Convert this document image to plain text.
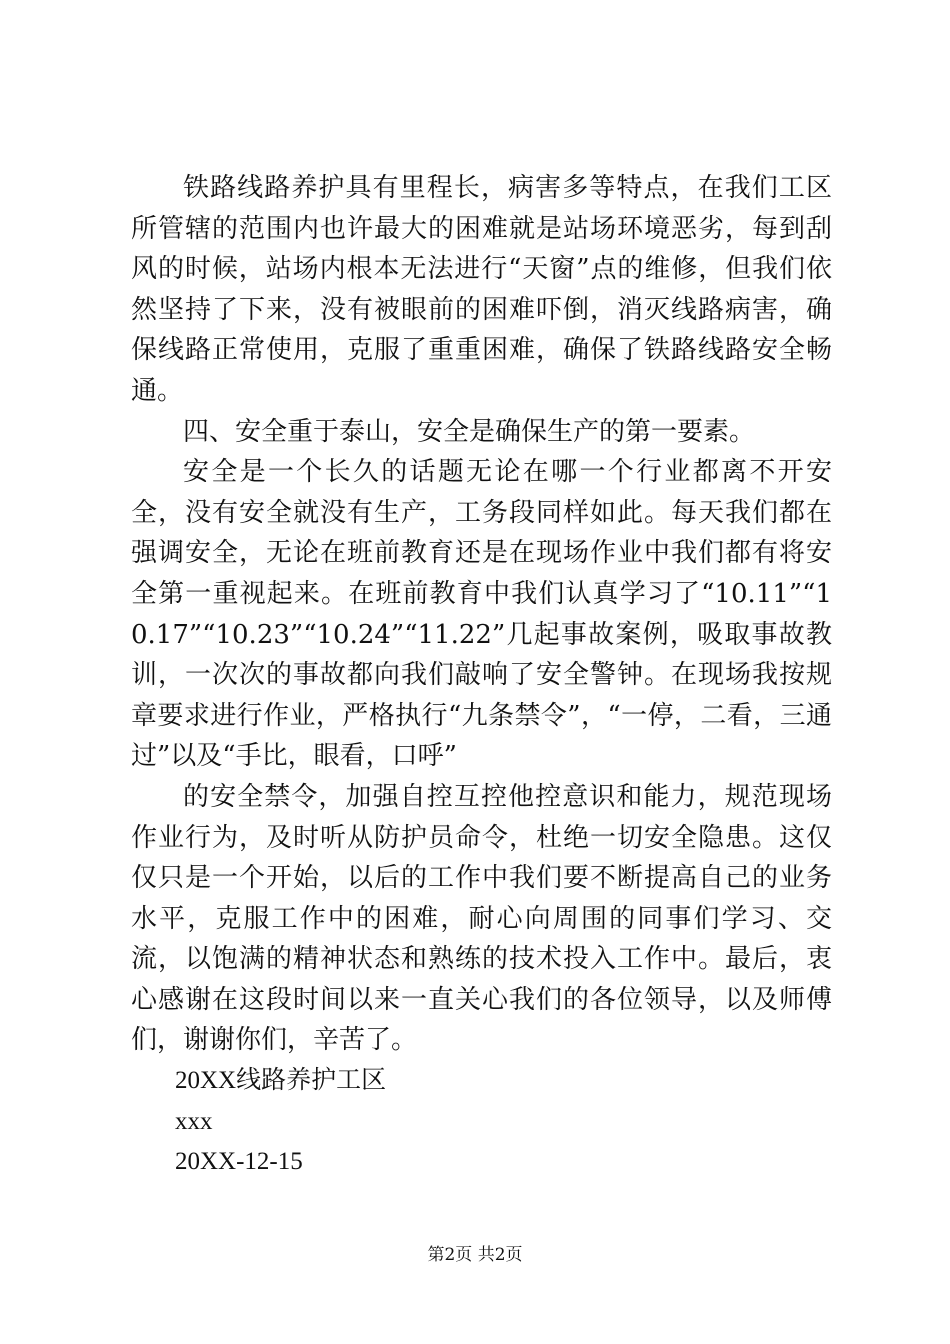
铁路线路养护具有里程长，病害多等特点，在我们工区所管辖的范围内也许最大的困难就是站场环境恶劣，每到刮风的时候，站场内根本无法进行“天窗”点的维修，但我们依然坚持了下来，没有被眼前的困难吓倒，消灭线路病害，确保线路正常使用，克服了重重困难，确保了铁路线路安全畅通。

四、安全重于泰山，安全是确保生产的第一要素。

安全是一个长久的话题无论在哪一个行业都离不开安全，没有安全就没有生产，工务段同样如此。每天我们都在强调安全，无论在班前教育还是在现场作业中我们都有将安全第一重视起来。在班前教育中我们认真学习了“10.11”“10.17”“10.23”“10.24”“11.22”几起事故案例，吸取事故教训，一次次的事故都向我们敲响了安全警钟。在现场我按规章要求进行作业，严格执行“九条禁令”，“一停，二看，三通过”以及“手比，眼看，口呼”

的安全禁令，加强自控互控他控意识和能力，规范现场作业行为，及时听从防护员命令，杜绝一切安全隐患。这仅仅只是一个开始，以后的工作中我们要不断提高自己的业务水平，克服工作中的困难，耐心向周围的同事们学习、交流，以饱满的精神状态和熟练的技术投入工作中。最后，衷心感谢在这段时间以来一直关心我们的各位领导，以及师傅们，谢谢你们，辛苦了。

20XX线路养护工区

xxx

20XX-12-15

第2页 共2页
